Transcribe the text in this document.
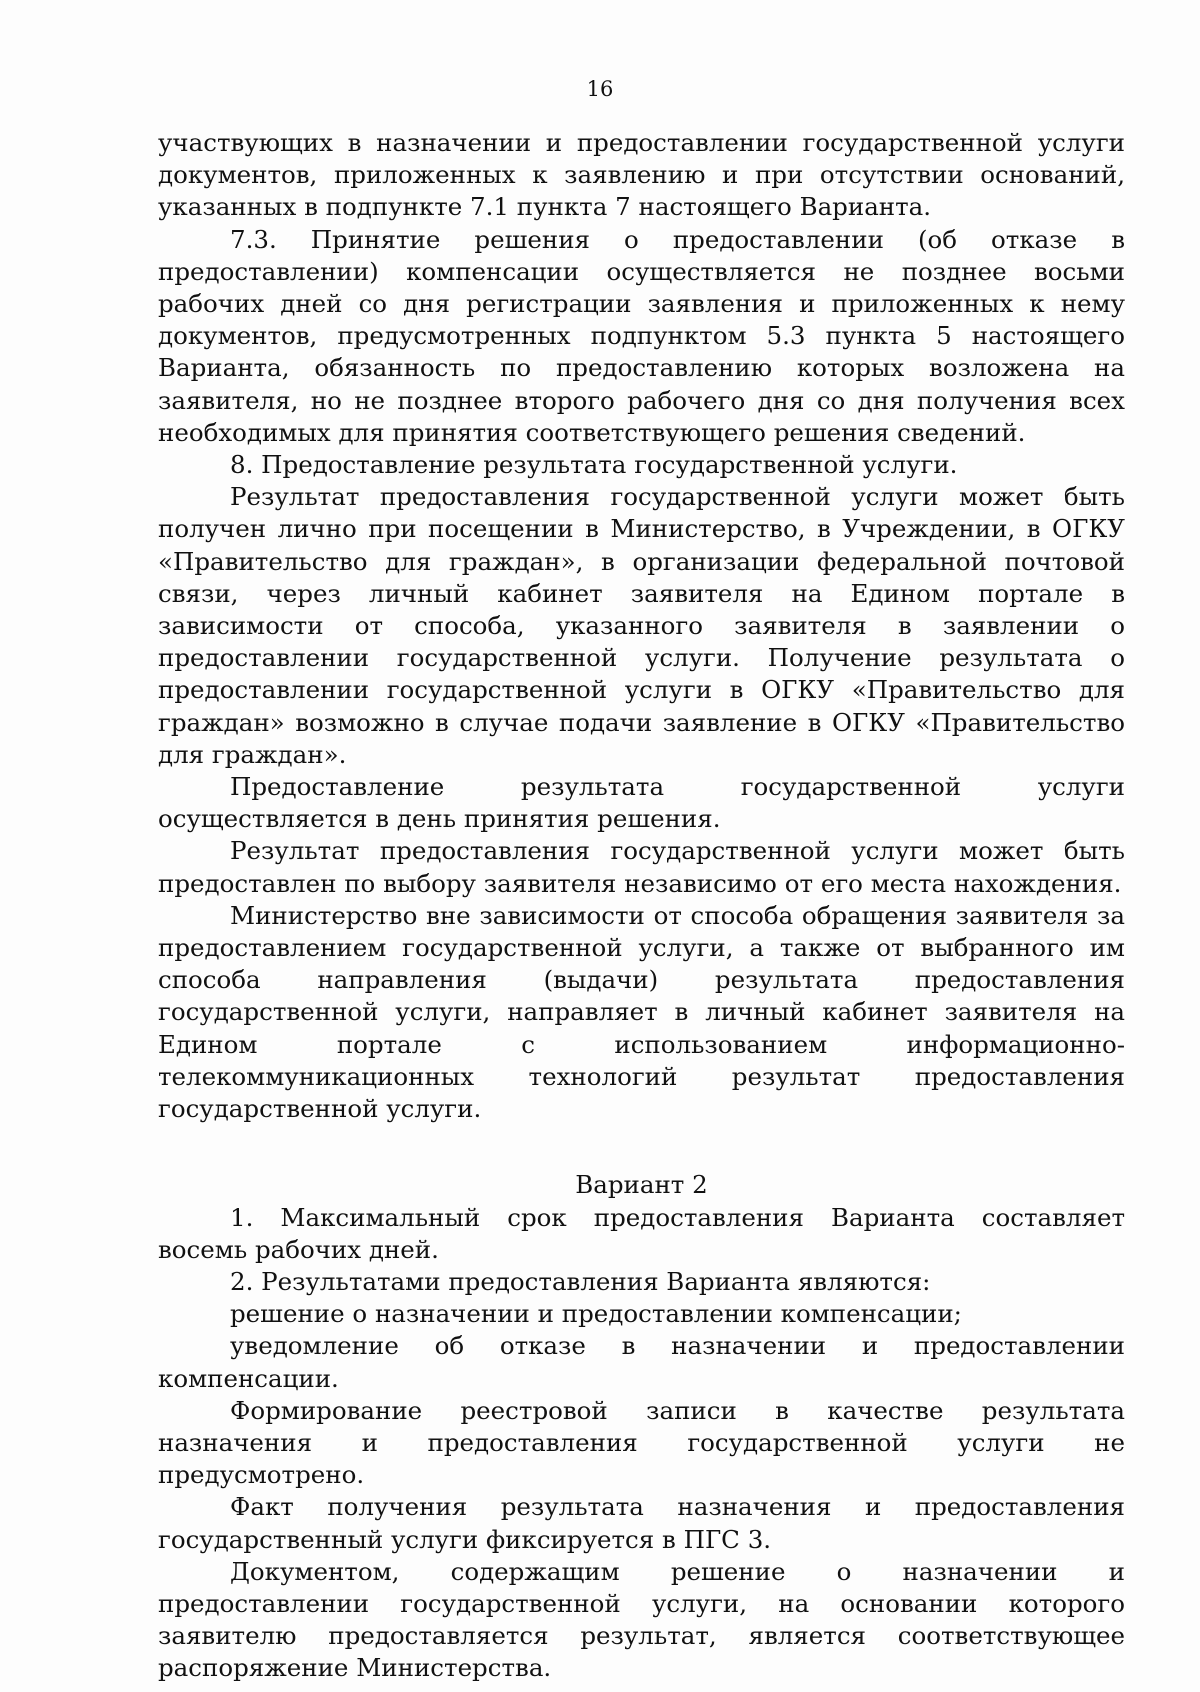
16

участвующих в назначении и предоставлении государственной услуги документов, приложенных к заявлению и при отсутствии оснований, указанных в подпункте 7.1 пункта 7 настоящего Варианта.

7.3. Принятие решения о предоставлении (об отказе в предоставлении) компенсации осуществляется не позднее восьми рабочих дней со дня регистрации заявления и приложенных к нему документов, предусмотренных подпунктом 5.3 пункта 5 настоящего Варианта, обязанность по предоставлению которых возложена на заявителя, но не позднее второго рабочего дня со дня получения всех необходимых для принятия соответствующего решения сведений.

8. Предоставление результата государственной услуги.

Результат предоставления государственной услуги может быть получен лично при посещении в Министерство, в Учреждении, в ОГКУ «Правительство для граждан», в организации федеральной почтовой связи, через личный кабинет заявителя на Едином портале в зависимости от способа, указанного заявителя в заявлении о предоставлении государственной услуги. Получение результата о предоставлении государственной услуги в ОГКУ «Правительство для граждан» возможно в случае подачи заявление в ОГКУ «Правительство для граждан».

Предоставление результата государственной услуги осуществляется в день принятия решения.

Результат предоставления государственной услуги может быть предоставлен по выбору заявителя независимо от его места нахождения.

Министерство вне зависимости от способа обращения заявителя за предоставлением государственной услуги, а также от выбранного им способа направления (выдачи) результата предоставления государственной услуги, направляет в личный кабинет заявителя на Едином портале с использованием информационно-телекоммуникационных технологий результат предоставления государственной услуги.

Вариант 2

1. Максимальный срок предоставления Варианта составляет восемь рабочих дней.

2. Результатами предоставления Варианта являются:

решение о назначении и предоставлении компенсации;

уведомление об отказе в назначении и предоставлении компенсации.

Формирование реестровой записи в качестве результата назначения и предоставления государственной услуги не предусмотрено.

Факт получения результата назначения и предоставления государственный услуги фиксируется в ПГС 3.

Документом, содержащим решение о назначении и предоставлении государственной услуги, на основании которого заявителю предоставляется результат, является соответствующее распоряжение Министерства.
